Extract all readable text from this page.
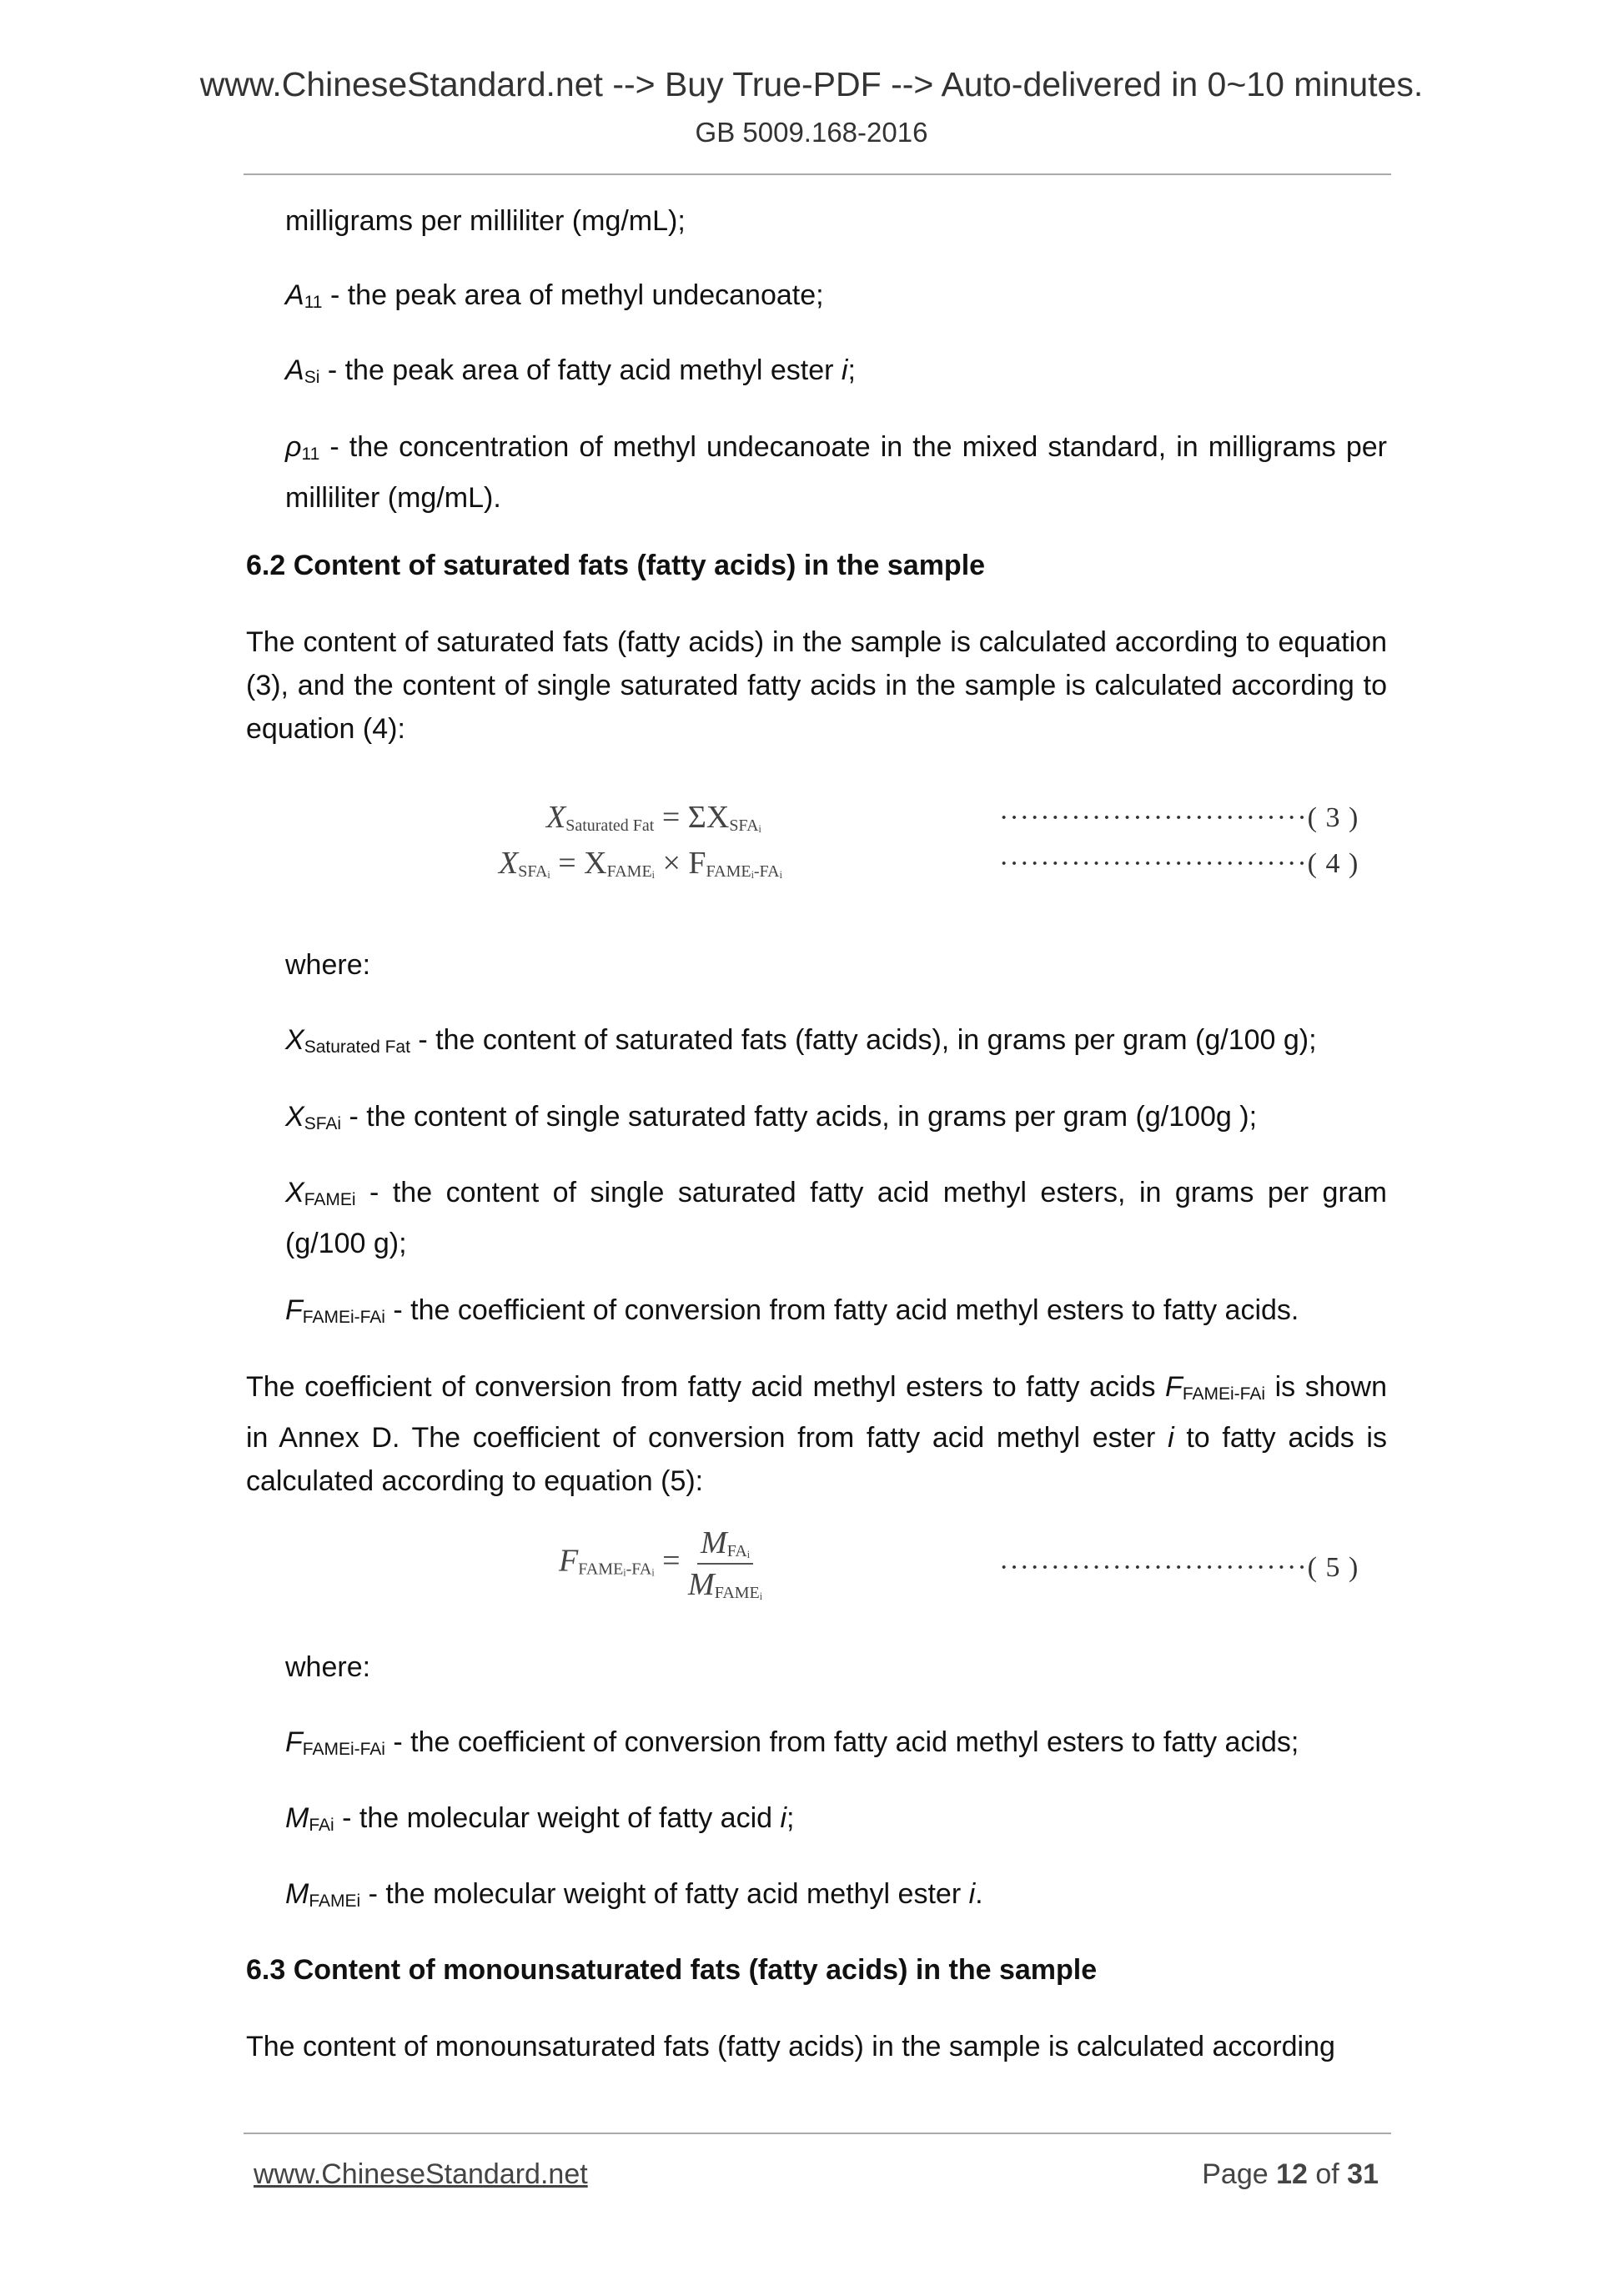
www.ChineseStandard.net --> Buy True-PDF --> Auto-delivered in 0~10 minutes.
GB 5009.168-2016
milligrams per milliliter (mg/mL);
$A_{11}$ - the peak area of methyl undecanoate;
$A_{Si}$ - the peak area of fatty acid methyl ester i;
$\rho_{11}$ - the concentration of methyl undecanoate in the mixed standard, in milligrams per milliliter (mg/mL).
6.2 Content of saturated fats (fatty acids) in the sample
The content of saturated fats (fatty acids) in the sample is calculated according to equation (3), and the content of single saturated fatty acids in the sample is calculated according to equation (4):
$X_{Saturated Fat} = \Sigma X_{SFAᵢ}$	······························( 3 )
$X_{SFAᵢ} = X_{FAMEᵢ} \times F_{FAMEᵢ-FAᵢ}$	······························( 4 )
where:
$X_{Saturated Fat}$ - the content of saturated fats (fatty acids), in grams per gram (g/100 g);
$X_{SFAi}$ - the content of single saturated fatty acids, in grams per gram (g/100g );
$X_{FAMEi}$ - the content of single saturated fatty acid methyl esters, in grams per gram (g/100 g);
$F_{FAMEi-FAi}$ - the coefficient of conversion from fatty acid methyl esters to fatty acids.
The coefficient of conversion from fatty acid methyl esters to fatty acids $F_{FAMEi-FAi}$ is shown in Annex D. The coefficient of conversion from fatty acid methyl ester i to fatty acids is calculated according to equation (5):
$F_{FAMEᵢ-FAᵢ} = \frac{M_{FAᵢ}}{M_{FAMEᵢ}}$	······························( 5 )
where:
$F_{FAMEi-FAi}$ - the coefficient of conversion from fatty acid methyl esters to fatty acids;
$M_{FAi}$ - the molecular weight of fatty acid i;
$M_{FAMEi}$ - the molecular weight of fatty acid methyl ester i.
6.3 Content of monounsaturated fats (fatty acids) in the sample
The content of monounsaturated fats (fatty acids) in the sample is calculated according
www.ChineseStandard.net	Page 12 of 31
